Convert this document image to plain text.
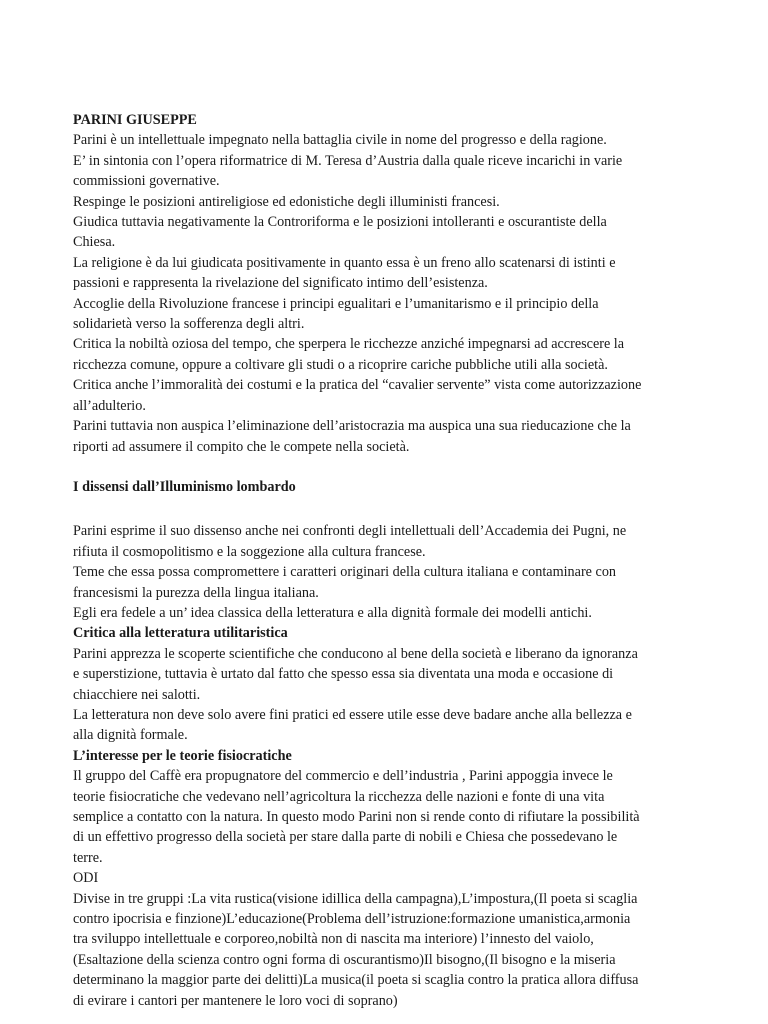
PARINI GIUSEPPE
Parini è un intellettuale impegnato nella battaglia civile in nome del progresso e della ragione.
E’ in sintonia con l’opera riformatrice di M. Teresa d’Austria dalla quale riceve incarichi in varie
commissioni governative.
Respinge le posizioni antireligiose ed edonistiche degli illuministi francesi.
Giudica tuttavia negativamente la Controriforma e le posizioni intolleranti e oscurantiste della
Chiesa.
La religione è da lui giudicata positivamente in quanto essa è un freno allo scatenarsi di istinti e
passioni e rappresenta la rivelazione del significato intimo dell’esistenza.
Accoglie della Rivoluzione francese i principi egualitari e l’umanitarismo e il principio della
solidarietà verso la sofferenza degli altri.
Critica la nobiltà oziosa del tempo, che sperpera le ricchezze anziché impegnarsi ad accrescere la
ricchezza comune, oppure a coltivare gli studi o a ricoprire cariche pubbliche utili alla società.
Critica anche l’immoralità dei costumi e la pratica del “cavalier servente” vista come autorizzazione
all’adulterio.
Parini tuttavia non auspica l’eliminazione dell’aristocrazia ma auspica una sua rieducazione che la
riporti ad assumere il compito che le compete nella società.
I dissensi dall’Illuminismo lombardo
Parini esprime il suo dissenso anche nei confronti degli intellettuali dell’Accademia dei Pugni, ne
rifiuta il cosmopolitismo e la soggezione alla cultura francese.
Teme che essa possa compromettere i caratteri originari della cultura italiana e contaminare con
francesismi la purezza della lingua italiana.
Egli era fedele a un’ idea classica della letteratura e alla dignità formale dei modelli antichi.
Critica alla letteratura utilitaristica
Parini apprezza le scoperte scientifiche che conducono al bene della società e liberano da ignoranza
e superstizione, tuttavia è urtato dal fatto che spesso essa sia diventata una moda e occasione di
chiacchiere nei salotti.
La letteratura non deve solo avere fini pratici ed essere utile esse deve badare anche alla bellezza e
alla dignità formale.
L’interesse per le teorie fisiocratiche
Il gruppo del Caffè era propugnatore del commercio e dell’industria , Parini appoggia invece le
teorie fisiocratiche che vedevano nell’agricoltura la ricchezza delle nazioni e fonte di una vita
semplice a contatto con la natura. In questo modo Parini non si rende conto di rifiutare la possibilità
di un effettivo progresso della società per stare dalla parte di nobili e Chiesa che possedevano le
terre.
ODI
Divise in tre gruppi :La vita rustica(visione idillica della campagna),L’impostura,(Il poeta si scaglia
contro ipocrisia e finzione)L’educazione(Problema dell’istruzione:formazione umanistica,armonia
tra sviluppo intellettuale e corporeo,nobiltà non di nascita ma interiore) l’innesto del vaiolo,
(Esaltazione della scienza contro ogni forma di oscurantismo)Il bisogno,(Il bisogno e la miseria
determinano la maggior parte dei delitti)La musica(il poeta si scaglia contro la pratica allora diffusa
di evirare i cantori per mantenere le loro voci di soprano)
